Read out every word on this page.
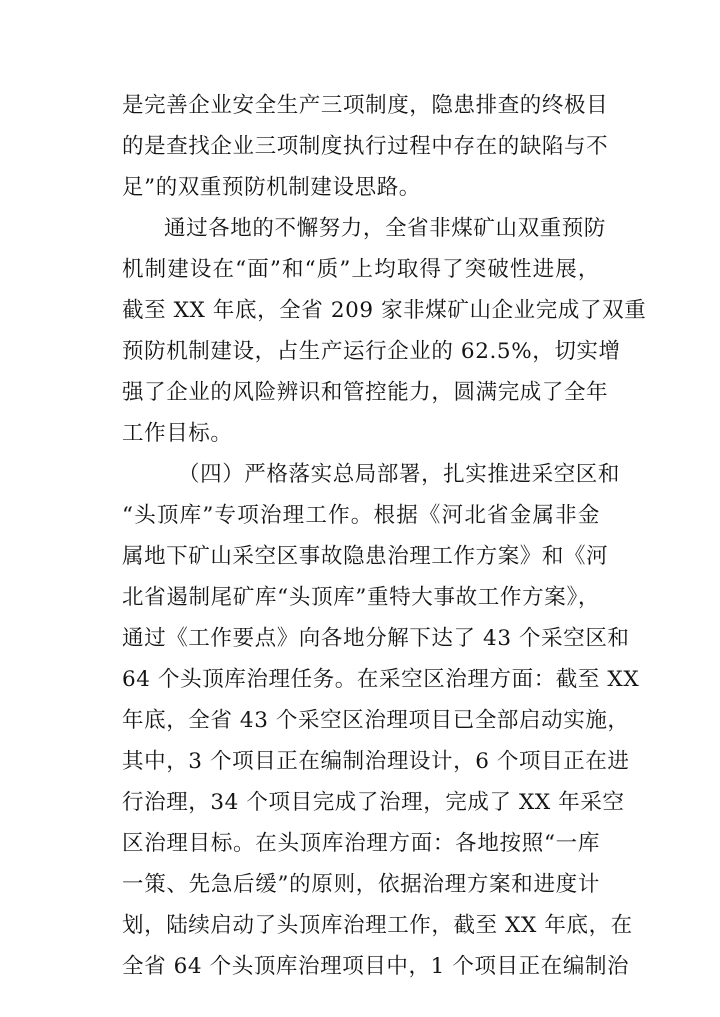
是完善企业安全生产三项制度，隐患排查的终极目
的是查找企业三项制度执行过程中存在的缺陷与不
足”的双重预防机制建设思路。
通过各地的不懈努力，全省非煤矿山双重预防
机制建设在“面”和“质”上均取得了突破性进展，
截至 XX 年底，全省 209 家非煤矿山企业完成了双重
预防机制建设，占生产运行企业的 62.5%，切实增
强了企业的风险辨识和管控能力，圆满完成了全年
工作目标。
（四）严格落实总局部署，扎实推进采空区和
“头顶库”专项治理工作。根据《河北省金属非金
属地下矿山采空区事故隐患治理工作方案》和《河
北省遏制尾矿库“头顶库”重特大事故工作方案》，
通过《工作要点》向各地分解下达了 43 个采空区和
64 个头顶库治理任务。在采空区治理方面：截至 XX
年底，全省 43 个采空区治理项目已全部启动实施，
其中，3 个项目正在编制治理设计，6 个项目正在进
行治理，34 个项目完成了治理，完成了 XX 年采空
区治理目标。在头顶库治理方面：各地按照“一库
一策、先急后缓”的原则，依据治理方案和进度计
划，陆续启动了头顶库治理工作，截至 XX 年底，在
全省 64 个头顶库治理项目中，1 个项目正在编制治
